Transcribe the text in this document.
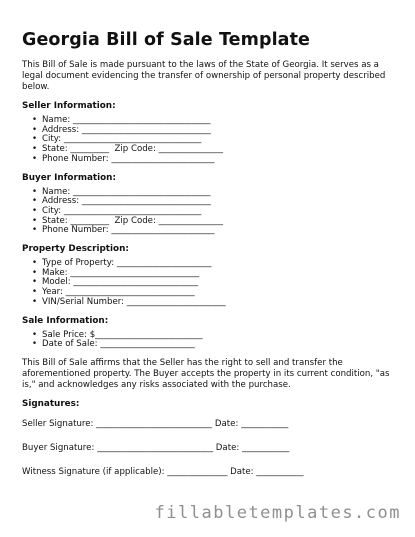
Georgia Bill of Sale Template

This Bill of Sale is made pursuant to the laws of the State of Georgia. It serves as a legal document evidencing the transfer of ownership of personal property described below.

Seller Information:
• Name: ________________________________
• Address: ______________________________
• City: ________________________________
• State: _________  Zip Code: _______________
• Phone Number: ________________________
Buyer Information:
• Name: ________________________________
• Address: ______________________________
• City: ________________________________
• State: _________  Zip Code: _______________
• Phone Number: ________________________
Property Description:
• Type of Property: ______________________
• Make: ______________________________
• Model: _____________________________
• Year: ______________________________
• VIN/Serial Number: _______________________
Sale Information:
• Sale Price: $_________________________
• Date of Sale: ______________________

This Bill of Sale affirms that the Seller has the right to sell and transfer the aforementioned property. The Buyer accepts the property in its current condition, "as is," and acknowledges any risks associated with the purchase.

Signatures:
Seller Signature: ___________________________ Date: ___________
Buyer Signature: ___________________________ Date: ___________
Witness Signature (if applicable): ______________ Date: ___________
fillabletemplates.com
